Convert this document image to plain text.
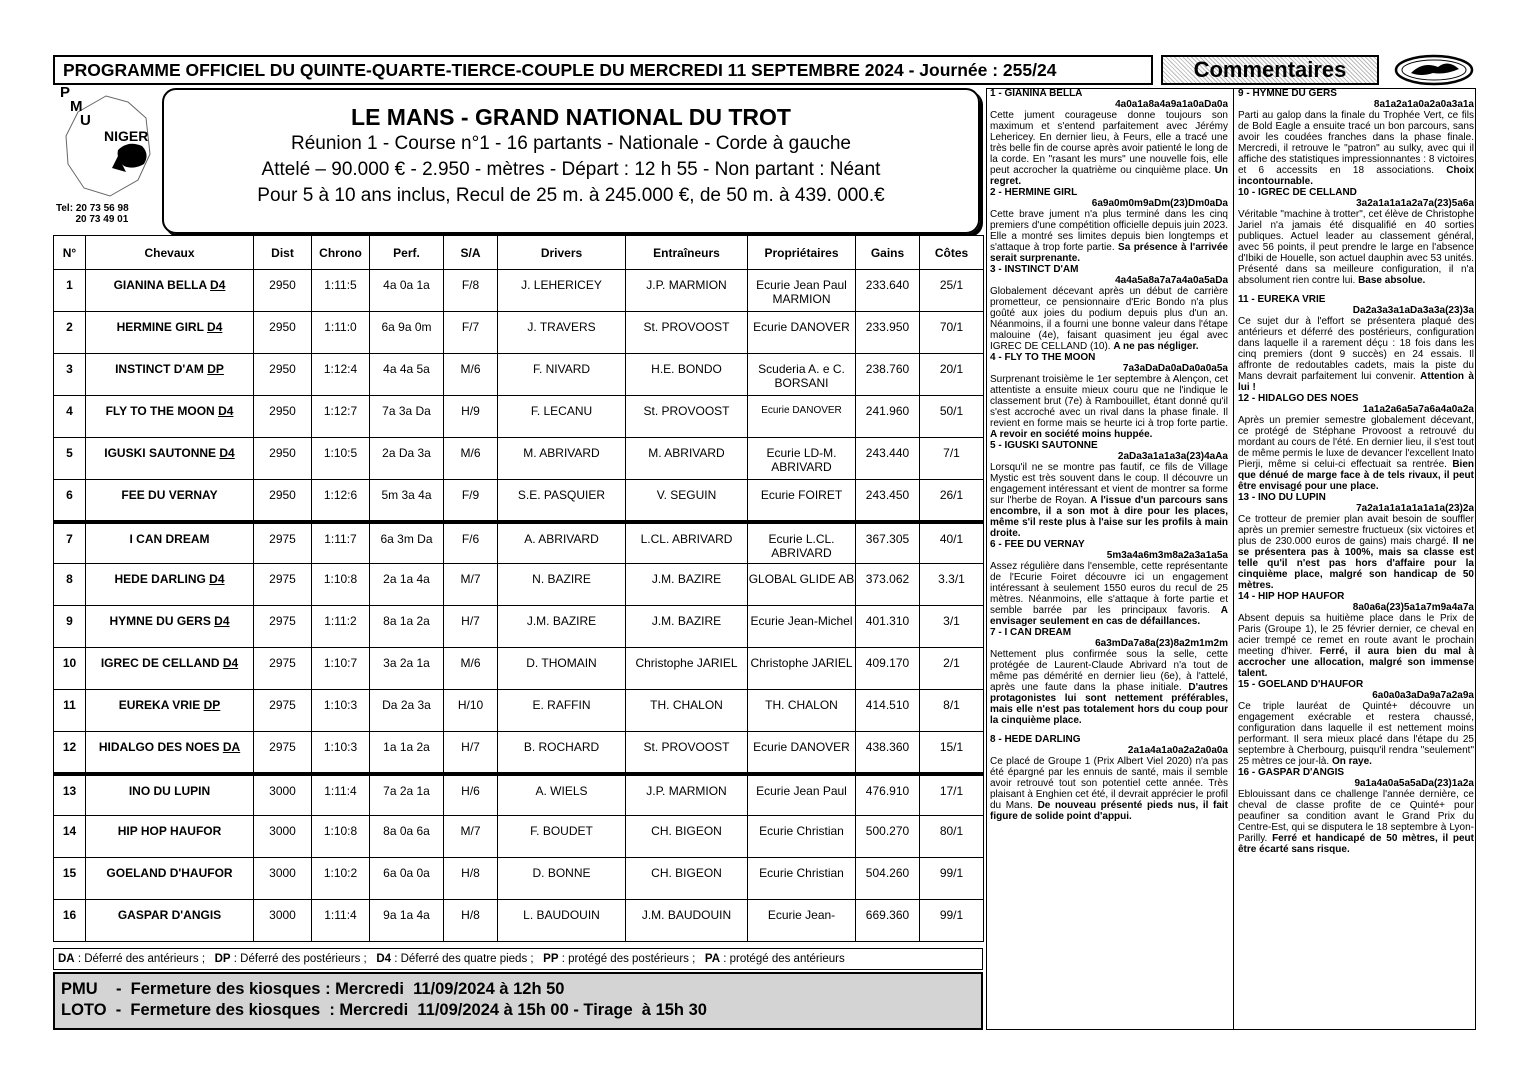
PROGRAMME OFFICIEL DU QUINTE-QUARTE-TIERCE-COUPLE DU MERCREDI 11 SEPTEMBRE 2024 - Journée : 255/24	Commentaires
P
M
U
NIGER
Tel: 20 73 56 98
20 73 49 01
LE MANS - GRAND NATIONAL DU TROT
Réunion 1 - Course n°1 - 16 partants - Nationale - Corde à gauche
Attelé – 90.000 € - 2.950 - mètres - Départ : 12 h 55 - Non partant : Néant
Pour 5 à 10 ans inclus, Recul de 25 m. à 245.000 €, de 50 m. à 439. 000.€
N°	Chevaux	Dist	Chrono	Perf.	S/A	Drivers	Entraîneurs	Propriétaires	Gains	Côtes
1	GIANINA BELLA D4	2950	1:11:5	4a 0a 1a	F/8	J. LEHERICEY	J.P. MARMION	Ecurie Jean Paul MARMION	233.640	25/1
2	HERMINE GIRL D4	2950	1:11:0	6a 9a 0m	F/7	J. TRAVERS	St. PROVOOST	Ecurie DANOVER	233.950	70/1
3	INSTINCT D'AM DP	2950	1:12:4	4a 4a 5a	M/6	F. NIVARD	H.E. BONDO	Scuderia A. e C. BORSANI	238.760	20/1
4	FLY TO THE MOON D4	2950	1:12:7	7a 3a Da	H/9	F. LECANU	St. PROVOOST	Ecurie DANOVER	241.960	50/1
5	IGUSKI SAUTONNE D4	2950	1:10:5	2a Da 3a	M/6	M. ABRIVARD	M. ABRIVARD	Ecurie LD-M. ABRIVARD	243.440	7/1
6	FEE DU VERNAY	2950	1:12:6	5m 3a 4a	F/9	S.E. PASQUIER	V. SEGUIN	Ecurie FOIRET	243.450	26/1
7	I CAN DREAM	2975	1:11:7	6a 3m Da	F/6	A. ABRIVARD	L.CL. ABRIVARD	Ecurie L.CL. ABRIVARD	367.305	40/1
8	HEDE DARLING D4	2975	1:10:8	2a 1a 4a	M/7	N. BAZIRE	J.M. BAZIRE	GLOBAL GLIDE AB	373.062	3.3/1
9	HYMNE DU GERS D4	2975	1:11:2	8a 1a 2a	H/7	J.M. BAZIRE	J.M. BAZIRE	Ecurie Jean-Michel	401.310	3/1
10	IGREC DE CELLAND D4	2975	1:10:7	3a 2a 1a	M/6	D. THOMAIN	Christophe JARIEL	Christophe JARIEL	409.170	2/1
11	EUREKA VRIE DP	2975	1:10:3	Da 2a 3a	H/10	E. RAFFIN	TH. CHALON	TH. CHALON	414.510	8/1
12	HIDALGO DES NOES DA	2975	1:10:3	1a 1a 2a	H/7	B. ROCHARD	St. PROVOOST	Ecurie DANOVER	438.360	15/1
13	INO DU LUPIN	3000	1:11:4	7a 2a 1a	H/6	A. WIELS	J.P. MARMION	Ecurie Jean Paul	476.910	17/1
14	HIP HOP HAUFOR	3000	1:10:8	8a 0a 6a	M/7	F. BOUDET	CH. BIGEON	Ecurie Christian	500.270	80/1
15	GOELAND D'HAUFOR	3000	1:10:2	6a 0a 0a	H/8	D. BONNE	CH. BIGEON	Ecurie Christian	504.260	99/1
16	GASPAR D'ANGIS	3000	1:11:4	9a 1a 4a	H/8	L. BAUDOUIN	J.M. BAUDOUIN	Ecurie Jean-	669.360	99/1
DA : Déferré des antérieurs ;   DP : Déferré des postérieurs ;   D4 : Déferré des quatre pieds ;   PP : protégé des postérieurs ;   PA : protégé des antérieurs
PMU    -  Fermeture des kiosques : Mercredi  11/09/2024 à 12h 50
LOTO  -  Fermeture des kiosques  : Mercredi  11/09/2024 à 15h 00 - Tirage  à 15h 30
1 - GIANINA BELLA
4a0a1a8a4a9a1a0aDa0a
Cette jument courageuse donne toujours son maximum et s'entend parfaitement avec Jérémy Lehericey. En dernier lieu, à Feurs, elle a tracé une très belle fin de course après avoir patienté le long de la corde. En "rasant les murs" une nouvelle fois, elle peut accrocher la quatrième ou cinquième place. Un regret.
2 - HERMINE GIRL
6a9a0m0m9aDm(23)Dm0aDa
Cette brave jument n'a plus terminé dans les cinq premiers d'une compétition officielle depuis juin 2023. Elle a montré ses limites depuis bien longtemps et s'attaque à trop forte partie. Sa présence à l'arrivée serait surprenante.
3 - INSTINCT D'AM
4a4a5a8a7a7a4a0a5aDa
Globalement décevant après un début de carrière prometteur, ce pensionnaire d'Eric Bondo n'a plus goûté aux joies du podium depuis plus d'un an. Néanmoins, il a fourni une bonne valeur dans l'étape malouine (4e), faisant quasiment jeu égal avec IGREC DE CELLAND (10). A ne pas négliger.
4 - FLY TO THE MOON
7a3aDaDa0aDa0a0a5a
Surprenant troisième le 1er septembre à Alençon, cet attentiste a ensuite mieux couru que ne l'indique le classement brut (7e) à Rambouillet, étant donné qu'il s'est accroché avec un rival dans la phase finale. Il revient en forme mais se heurte ici à trop forte partie. A revoir en société moins huppée.
5 - IGUSKI SAUTONNE
2aDa3a1a1a3a(23)4aAa
Lorsqu'il ne se montre pas fautif, ce fils de Village Mystic est très souvent dans le coup. Il découvre un engagement intéressant et vient de montrer sa forme sur l'herbe de Royan. A l'issue d'un parcours sans encombre, il a son mot à dire pour les places, même s'il reste plus à l'aise sur les profils à main droite.
6 - FEE DU VERNAY
5m3a4a6m3m8a2a3a1a5a
Assez régulière dans l'ensemble, cette représentante de l'Ecurie Foiret découvre ici un engagement intéressant à seulement 1550 euros du recul de 25 mètres. Néanmoins, elle s'attaque à forte partie et semble barrée par les principaux favoris. A envisager seulement en cas de défaillances.
7 - I CAN DREAM
6a3mDa7a8a(23)8a2m1m2m
Nettement plus confirmée sous la selle, cette protégée de Laurent-Claude Abrivard n'a tout de même pas démérité en dernier lieu (6e), à l'attelé, après une faute dans la phase initiale. D'autres protagonistes lui sont nettement préférables, mais elle n'est pas totalement hors du coup pour la cinquième place.
8 - HEDE DARLING
2a1a4a1a0a2a2a0a0a
Ce placé de Groupe 1 (Prix Albert Viel 2020) n'a pas été épargné par les ennuis de santé, mais il semble avoir retrouvé tout son potentiel cette année. Très plaisant à Enghien cet été, il devrait apprécier le profil du Mans. De nouveau présenté pieds nus, il fait figure de solide point d'appui.
9 - HYMNE DU GERS
8a1a2a1a0a2a0a3a1a
Parti au galop dans la finale du Trophée Vert, ce fils de Bold Eagle a ensuite tracé un bon parcours, sans avoir les coudées franches dans la phase finale. Mercredi, il retrouve le "patron" au sulky, avec qui il affiche des statistiques impressionnantes : 8 victoires et 6 accessits en 18 associations. Choix incontournable.
10 - IGREC DE CELLAND
3a2a1a1a1a2a7a(23)5a6a
Véritable "machine à trotter", cet élève de Christophe Jariel n'a jamais été disqualifié en 40 sorties publiques. Actuel leader au classement général, avec 56 points, il peut prendre le large en l'absence d'Ibiki de Houelle, son actuel dauphin avec 53 unités. Présenté dans sa meilleure configuration, il n'a absolument rien contre lui. Base absolue.
11 - EUREKA VRIE
Da2a3a3a1aDa3a3a(23)3a
Ce sujet dur à l'effort se présentera plaqué des antérieurs et déferré des postérieurs, configuration dans laquelle il a rarement déçu : 18 fois dans les cinq premiers (dont 9 succès) en 24 essais. Il affronte de redoutables cadets, mais la piste du Mans devrait parfaitement lui convenir. Attention à lui !
12 - HIDALGO DES NOES
1a1a2a6a5a7a6a4a0a2a
Après un premier semestre globalement décevant, ce protégé de Stéphane Provoost a retrouvé du mordant au cours de l'été. En dernier lieu, il s'est tout de même permis le luxe de devancer l'excellent Inato Pierji, même si celui-ci effectuait sa rentrée. Bien que dénué de marge face à de tels rivaux, il peut être envisagé pour une place.
13 - INO DU LUPIN
7a2a1a1a1a1a1a1a(23)2a
Ce trotteur de premier plan avait besoin de souffler après un premier semestre fructueux (six victoires et plus de 230.000 euros de gains) mais chargé. Il ne se présentera pas à 100%, mais sa classe est telle qu'il n'est pas hors d'affaire pour la cinquième place, malgré son handicap de 50 mètres.
14 - HIP HOP HAUFOR
8a0a6a(23)5a1a7m9a4a7a
Absent depuis sa huitième place dans le Prix de Paris (Groupe 1), le 25 février dernier, ce cheval en acier trempé ce remet en route avant le prochain meeting d'hiver. Ferré, il aura bien du mal à accrocher une allocation, malgré son immense talent.
15 - GOELAND D'HAUFOR
6a0a0a3aDa9a7a2a9a
Ce triple lauréat de Quinté+ découvre un engagement exécrable et restera chaussé, configuration dans laquelle il est nettement moins performant. Il sera mieux placé dans l'étape du 25 septembre à Cherbourg, puisqu'il rendra "seulement" 25 mètres ce jour-là. On raye.
16 - GASPAR D'ANGIS
9a1a4a0a5a5aDa(23)1a2a
Eblouissant dans ce challenge l'année dernière, ce cheval de classe profite de ce Quinté+ pour peaufiner sa condition avant le Grand Prix du Centre-Est, qui se disputera le 18 septembre à Lyon-Parilly. Ferré et handicapé de 50 mètres, il peut être écarté sans risque.
